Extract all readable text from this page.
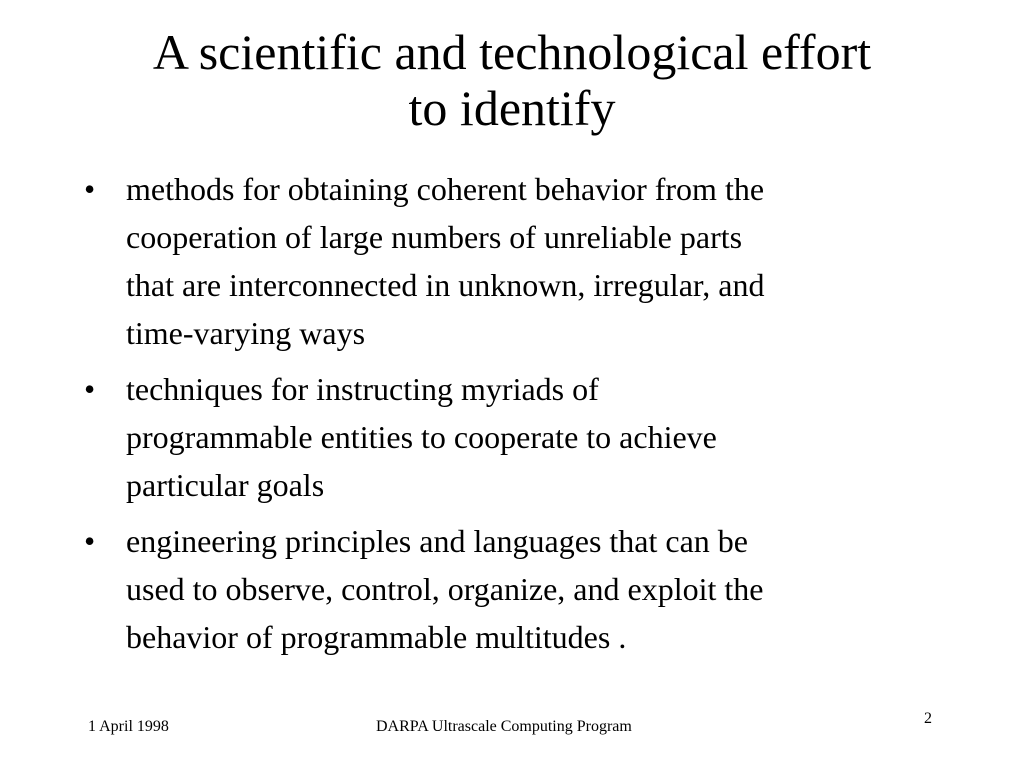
A scientific and technological effort
to identify
• methods for obtaining coherent behavior from the
cooperation of large numbers of unreliable parts
that are interconnected in unknown, irregular, and
time-varying ways
• techniques for instructing myriads of
programmable entities to cooperate to achieve
particular goals
• engineering principles and languages that can be
used to observe, control, organize, and exploit the
behavior of programmable multitudes .
1 April 1998	DARPA Ultrascale Computing Program	2
